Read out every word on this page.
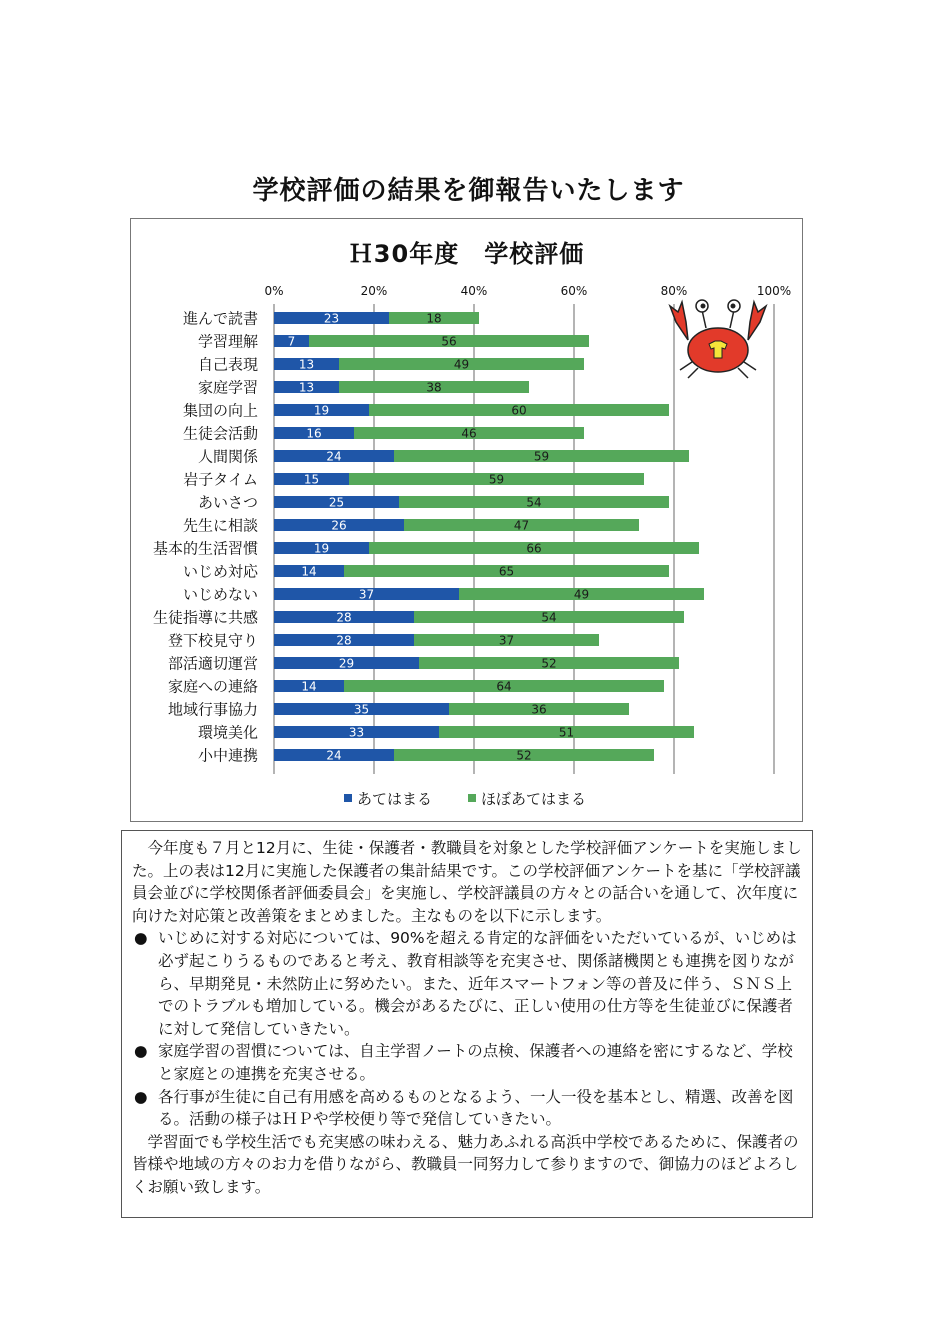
学校評価の結果を御報告いたします
Ｈ30年度　学校評価
0%	20%	40%	60%	80%	100%
進んで読書	23	18
学習理解 7	56
自己表現	13	49
家庭学習	13	38
集団の向上	19	60
生徒会活動	16	46
人間関係	24	59
岩子タイム	15	59
あいさつ	25	54
先生に相談	26	47
基本的生活習慣	19	66
いじめ対応	14	65
いじめない	37	49
生徒指導に共感	28	54
登下校見守り	28	37
部活適切運営	29	52
家庭への連絡	14	64
地域行事協力	35	36
環境美化	33	51
小中連携	24	52
あてはまる	ほぼあてはまる

今年度も７月と12月に、生徒・保護者・教職員を対象とした学校評価アンケートを実施しました。上の表は12月に実施した保護者の集計結果です。この学校評価アンケートを基に「学校評議員会並びに学校関係者評価委員会」を実施し、学校評議員の方々との話合いを通して、次年度に向けた対応策と改善策をまとめました。主なものを以下に示します。

● いじめに対する対応については、90%を超える肯定的な評価をいただいているが、いじめは必ず起こりうるものであると考え、教育相談等を充実させ、関係諸機関とも連携を図りながら、早期発見・未然防止に努めたい。また、近年スマートフォン等の普及に伴う、ＳＮＳ上でのトラブルも増加している。機会があるたびに、正しい使用の仕方等を生徒並びに保護者に対して発信していきたい。

● 家庭学習の習慣については、自主学習ノートの点検、保護者への連絡を密にするなど、学校と家庭との連携を充実させる。

● 各行事が生徒に自己有用感を高めるものとなるよう、一人一役を基本とし、精選、改善を図る。活動の様子はＨＰや学校便り等で発信していきたい。

学習面でも学校生活でも充実感の味わえる、魅力あふれる高浜中学校であるために、保護者の皆様や地域の方々のお力を借りながら、教職員一同努力して参りますので、御協力のほどよろしくお願い致します。
